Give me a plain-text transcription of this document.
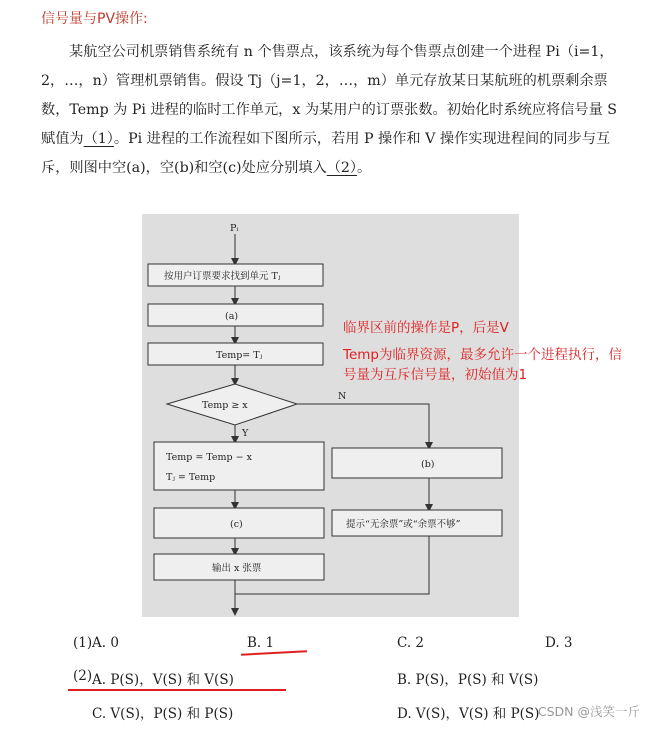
信号量与PV操作:
某航空公司机票销售系统有 n 个售票点，该系统为每个售票点创建一个进程 Pi（i=1，2，…，n）管理机票销售。假设 Tj（j=1，2，…，m）单元存放某日某航班的机票剩余票数，Temp 为 Pi 进程的临时工作单元，x 为某用户的订票张数。初始化时系统应将信号量 S 赋值为（1）。Pi 进程的工作流程如下图所示，若用 P 操作和 V 操作实现进程间的同步与互斥，则图中空(a)，空(b)和空(c)处应分别填入（2）。
Pᵢ
按用户订票要求找到单元 Tⱼ
(a)
Temp= Tⱼ
Temp ≥ x
N
Y
Temp = Temp − x
Tⱼ = Temp
(b)
(c)	提示“无余票”或“余票不够”
输出 x 张票
临界区前的操作是P，后是V
Temp为临界资源，最多允许一个进程执行，信
号量为互斥信号量，初始值为1
(1) A. 0	B. 1	C. 2	D. 3
(2) A. P(S)，V(S) 和 V(S)	B. P(S)，P(S) 和 V(S)
C. V(S)，P(S) 和 P(S)	D. V(S)，V(S) 和 P(S)
CSDN @浅笑一斤
